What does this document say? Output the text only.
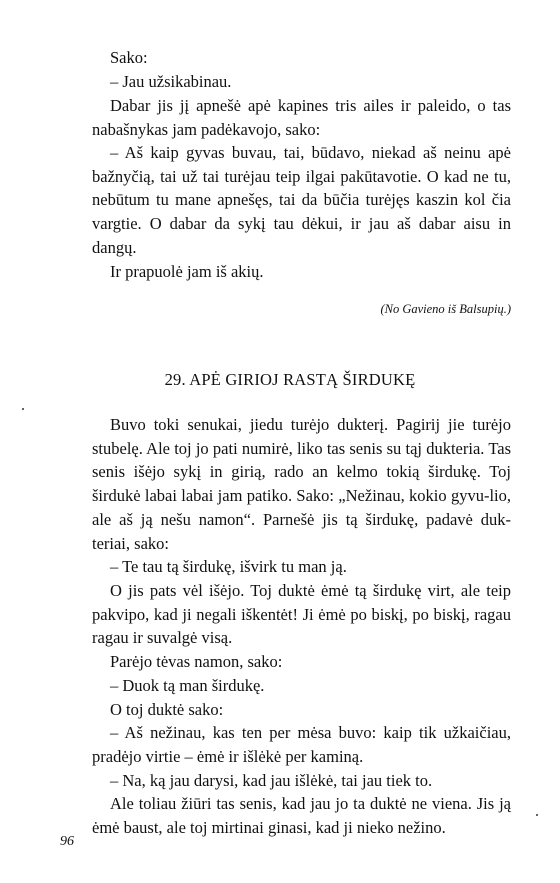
Sako:

– Jau užsikabinau.

Dabar jis jį apnešė apė kapines tris ailes ir paleido, o tas nabašnykas jam padėkavojo, sako:

– Aš kaip gyvas buvau, tai, būdavo, niekad aš neinu apė bažnyčią, tai už tai turėjau teip ilgai pakūtavotie. O kad ne tu, nebūtum tu mane apnešęs, tai da būčia turėjęs kaszin kol čia vargtie. O dabar da sykį tau dėkui, ir jau aš dabar aisu in dangų.

Ir prapuolė jam iš akių.

(No Gavieno iš Balsupių.)

29. APĖ GIRIOJ RASTĄ ŠIRDUKĘ

Buvo toki senukai, jiedu turėjo dukterį. Pagirij jie turėjo stubelę. Ale toj jo pati numirė, liko tas senis su tąj dukteria. Tas senis išėjo sykį in girią, rado an kelmo tokią širdukę. Toj širdukė labai labai jam patiko. Sako: „Nežinau, kokio gyvu-lio, ale aš ją nešu namon“. Parnešė jis tą širdukę, padavė duk-teriai, sako:

– Te tau tą širdukę, išvirk tu man ją.

O jis pats vėl išėjo. Toj duktė ėmė tą širdukę virt, ale teip pakvipo, kad ji negali iškentėt! Ji ėmė po biskį, po biskį, ragau ragau ir suvalgė visą.

Parėjo tėvas namon, sako:

– Duok tą man širdukę.

O toj duktė sako:

– Aš nežinau, kas ten per mėsa buvo: kaip tik užkaičiau, pradėjo virtie – ėmė ir išlėkė per kaminą.

– Na, ką jau darysi, kad jau išlėkė, tai jau tiek to.

Ale toliau žiūri tas senis, kad jau jo ta duktė ne viena. Jis ją ėmė baust, ale toj mirtinai ginasi, kad ji nieko nežino.

96
